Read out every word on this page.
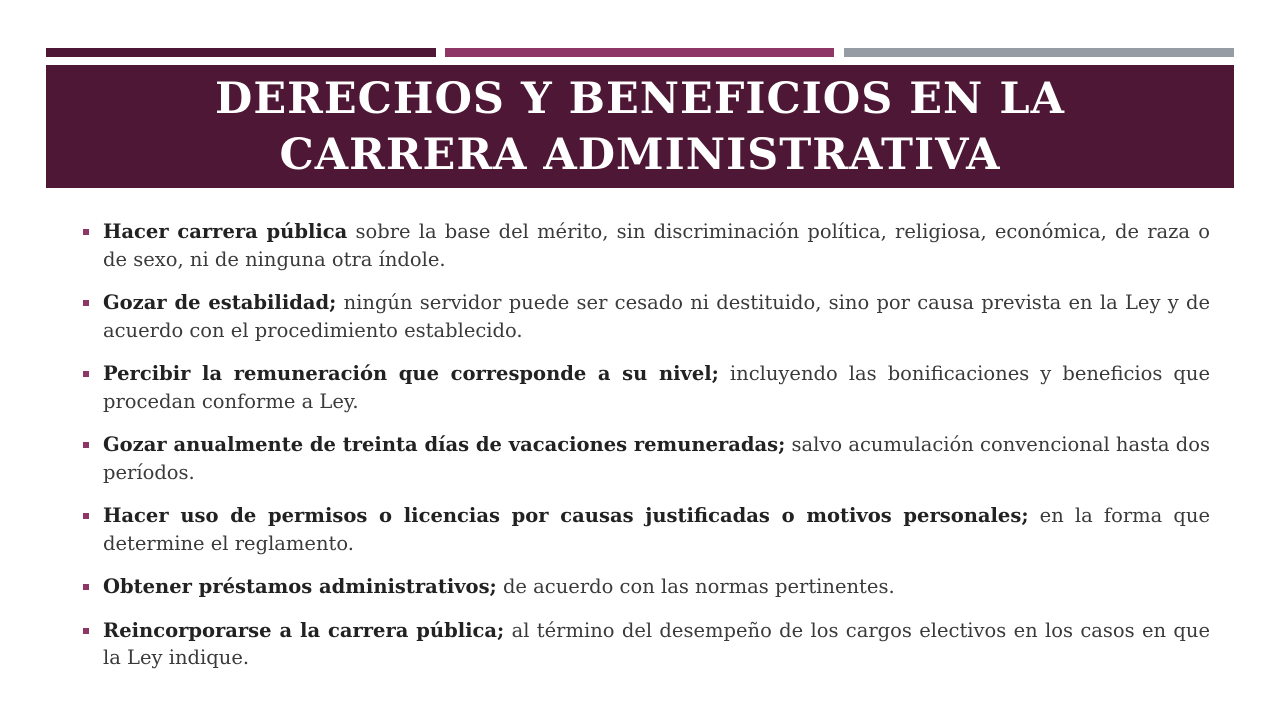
DERECHOS Y BENEFICIOS EN LA
CARRERA ADMINISTRATIVA
Hacer carrera pública sobre la base del mérito, sin discriminación política, religiosa, económica, de raza o de sexo, ni de ninguna otra índole.
Gozar de estabilidad; ningún servidor puede ser cesado ni destituido, sino por causa prevista en la Ley y de acuerdo con el procedimiento establecido.
Percibir la remuneración que corresponde a su nivel; incluyendo las bonificaciones y beneficios que procedan conforme a Ley.
Gozar anualmente de treinta días de vacaciones remuneradas; salvo acumulación convencional hasta dos períodos.
Hacer uso de permisos o licencias por causas justificadas o motivos personales; en la forma que determine el reglamento.
Obtener préstamos administrativos; de acuerdo con las normas pertinentes.
Reincorporarse a la carrera pública; al término del desempeño de los cargos electivos en los casos en que la Ley indique.
